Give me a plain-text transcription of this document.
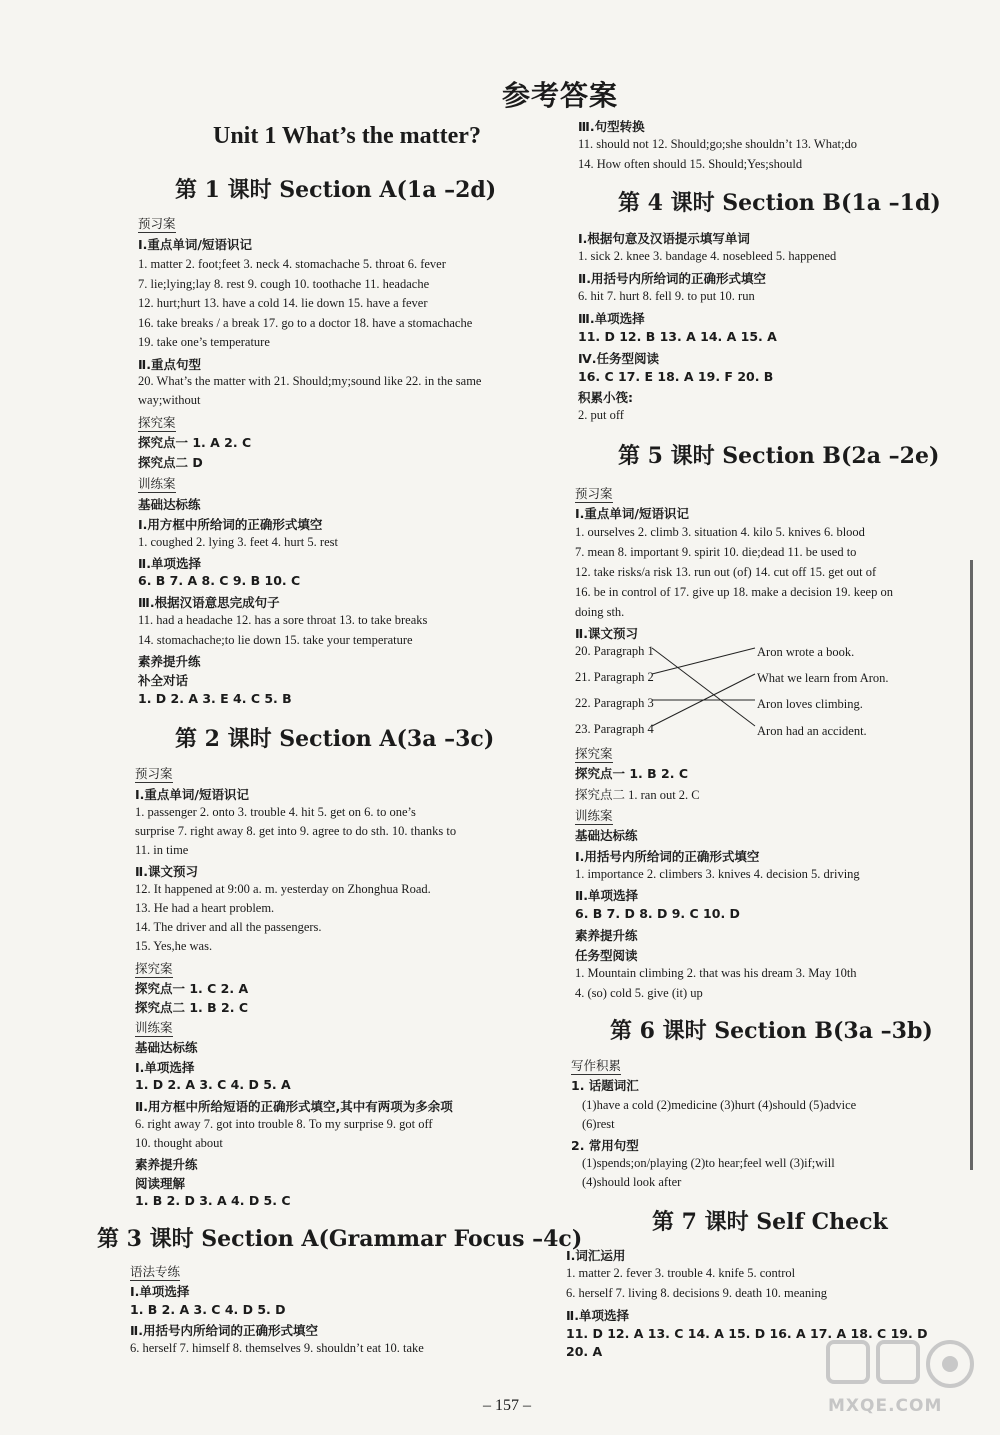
参考答案
Unit 1 What’s the matter?
第 1 课时 Section A(1a –2d)
预习案
Ⅰ.重点单词/短语识记
1. matter 2. foot;feet 3. neck 4. stomachache 5. throat 6. fever
7. lie;lying;lay 8. rest 9. cough 10. toothache 11. headache
12. hurt;hurt 13. have a cold 14. lie down 15. have a fever
16. take breaks / a break 17. go to a doctor 18. have a stomachache
19. take one’s temperature
Ⅱ.重点句型
20. What’s the matter with 21. Should;my;sound like 22. in the same
way;without
探究案
探究点一 1. A 2. C
探究点二 D
训练案
基础达标练
Ⅰ.用方框中所给词的正确形式填空
1. coughed 2. lying 3. feet 4. hurt 5. rest
Ⅱ.单项选择
6. B 7. A 8. C 9. B 10. C
Ⅲ.根据汉语意思完成句子
11. had a headache 12. has a sore throat 13. to take breaks
14. stomachache;to lie down 15. take your temperature
素养提升练
补全对话
1. D 2. A 3. E 4. C 5. B
第 2 课时 Section A(3a –3c)
预习案
Ⅰ.重点单词/短语识记
1. passenger 2. onto 3. trouble 4. hit 5. get on 6. to one’s
surprise 7. right away 8. get into 9. agree to do sth. 10. thanks to
11. in time
Ⅱ.课文预习
12. It happened at 9:00 a. m. yesterday on Zhonghua Road.
13. He had a heart problem.
14. The driver and all the passengers.
15. Yes,he was.
探究案
探究点一 1. C 2. A
探究点二 1. B 2. C
训练案
基础达标练
Ⅰ.单项选择
1. D 2. A 3. C 4. D 5. A
Ⅱ.用方框中所给短语的正确形式填空,其中有两项为多余项
6. right away 7. got into trouble 8. To my surprise 9. got off
10. thought about
素养提升练
阅读理解
1. B 2. D 3. A 4. D 5. C
第 3 课时 Section A(Grammar Focus –4c)
语法专练
Ⅰ.单项选择
1. B 2. A 3. C 4. D 5. D
Ⅱ.用括号内所给词的正确形式填空
6. herself 7. himself 8. themselves 9. shouldn’t eat 10. take
Ⅲ.句型转换
11. should not 12. Should;go;she shouldn’t 13. What;do
14. How often should 15. Should;Yes;should
第 4 课时 Section B(1a –1d)
Ⅰ.根据句意及汉语提示填写单词
1. sick 2. knee 3. bandage 4. nosebleed 5. happened
Ⅱ.用括号内所给词的正确形式填空
6. hit 7. hurt 8. fell 9. to put 10. run
Ⅲ.单项选择
11. D 12. B 13. A 14. A 15. A
Ⅳ.任务型阅读
16. C 17. E 18. A 19. F 20. B
积累小筏:
2. put off
第 5 课时 Section B(2a –2e)
预习案
Ⅰ.重点单词/短语识记
1. ourselves 2. climb 3. situation 4. kilo 5. knives 6. blood
7. mean 8. important 9. spirit 10. die;dead 11. be used to
12. take risks/a risk 13. run out (of) 14. cut off 15. get out of
16. be in control of 17. give up 18. make a decision 19. keep on
doing sth.
Ⅱ.课文预习
20. Paragraph 1
21. Paragraph 2
22. Paragraph 3
23. Paragraph 4
Aron wrote a book.
What we learn from Aron.
Aron loves climbing.
Aron had an accident.
探究案
探究点一 1. B 2. C
探究点二 1. ran out 2. C
训练案
基础达标练
Ⅰ.用括号内所给词的正确形式填空
1. importance 2. climbers 3. knives 4. decision 5. driving
Ⅱ.单项选择
6. B 7. D 8. D 9. C 10. D
素养提升练
任务型阅读
1. Mountain climbing 2. that was his dream 3. May 10th
4. (so) cold 5. give (it) up
第 6 课时 Section B(3a –3b)
写作积累
1. 话题词汇
(1)have a cold (2)medicine (3)hurt (4)should (5)advice
(6)rest
2. 常用句型
(1)spends;on/playing (2)to hear;feel well (3)if;will
(4)should look after
第 7 课时 Self Check
Ⅰ.词汇运用
1. matter 2. fever 3. trouble 4. knife 5. control
6. herself 7. living 8. decisions 9. death 10. meaning
Ⅱ.单项选择
11. D 12. A 13. C 14. A 15. D 16. A 17. A 18. C 19. D
20. A
– 157 –	MXQE.COM
